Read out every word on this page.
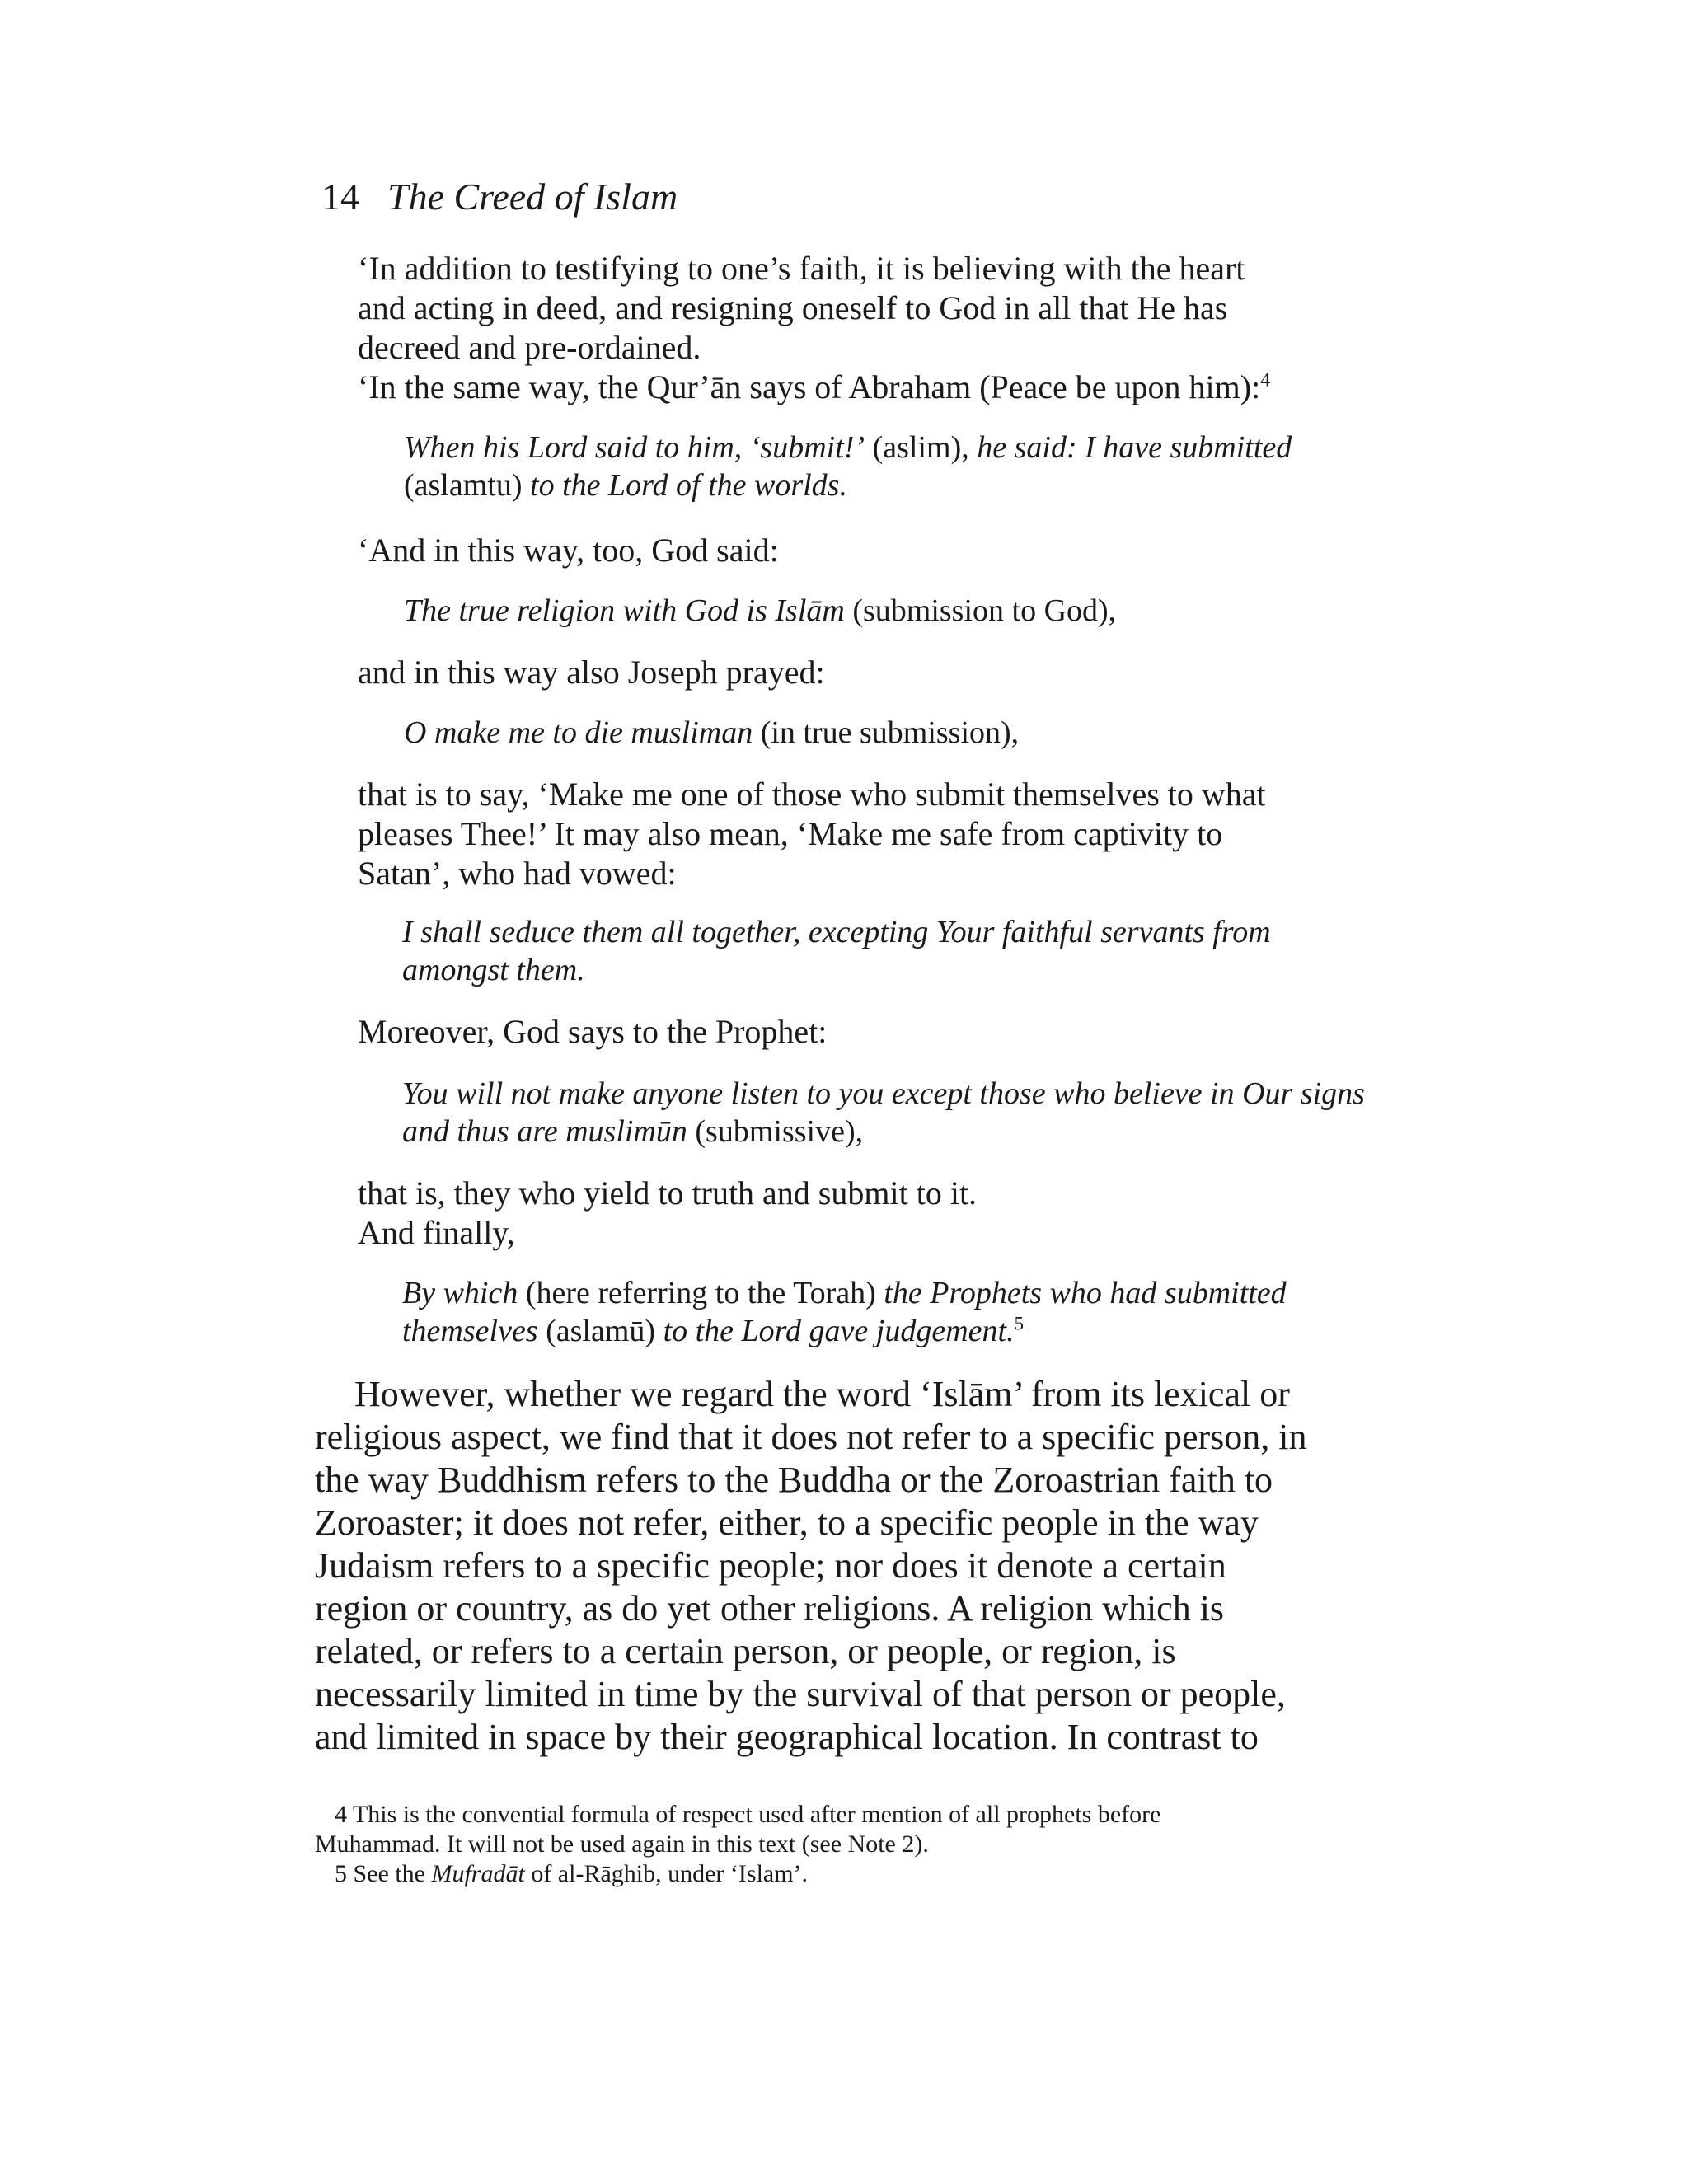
14 The Creed of Islam
‘In addition to testifying to one’s faith, it is believing with the heart
and acting in deed, and resigning oneself to God in all that He has
decreed and pre-ordained.
‘In the same way, the Qur’ān says of Abraham (Peace be upon him):$^4$
When his Lord said to him, ‘submit!’ (aslim), he said: I have submitted
(aslamtu) to the Lord of the worlds.
‘And in this way, too, God said:
The true religion with God is Islām (submission to God),
and in this way also Joseph prayed:
O make me to die musliman (in true submission),
that is to say, ‘Make me one of those who submit themselves to what
pleases Thee!’ It may also mean, ‘Make me safe from captivity to
Satan’, who had vowed:
I shall seduce them all together, excepting Your faithful servants from
amongst them.
Moreover, God says to the Prophet:
You will not make anyone listen to you except those who believe in Our signs
and thus are muslimūn (submissive),
that is, they who yield to truth and submit to it.
And finally,
By which (here referring to the Torah) the Prophets who had submitted
themselves (aslamū) to the Lord gave judgement.$^5$
However, whether we regard the word ‘Islām’ from its lexical or
religious aspect, we find that it does not refer to a specific person, in
the way Buddhism refers to the Buddha or the Zoroastrian faith to
Zoroaster; it does not refer, either, to a specific people in the way
Judaism refers to a specific people; nor does it denote a certain
region or country, as do yet other religions. A religion which is
related, or refers to a certain person, or people, or region, is
necessarily limited in time by the survival of that person or people,
and limited in space by their geographical location. In contrast to
4 This is the convential formula of respect used after mention of all prophets before
Muhammad. It will not be used again in this text (see Note 2).
5 See the Mufradāt of al-Rāghib, under ‘Islam’.
